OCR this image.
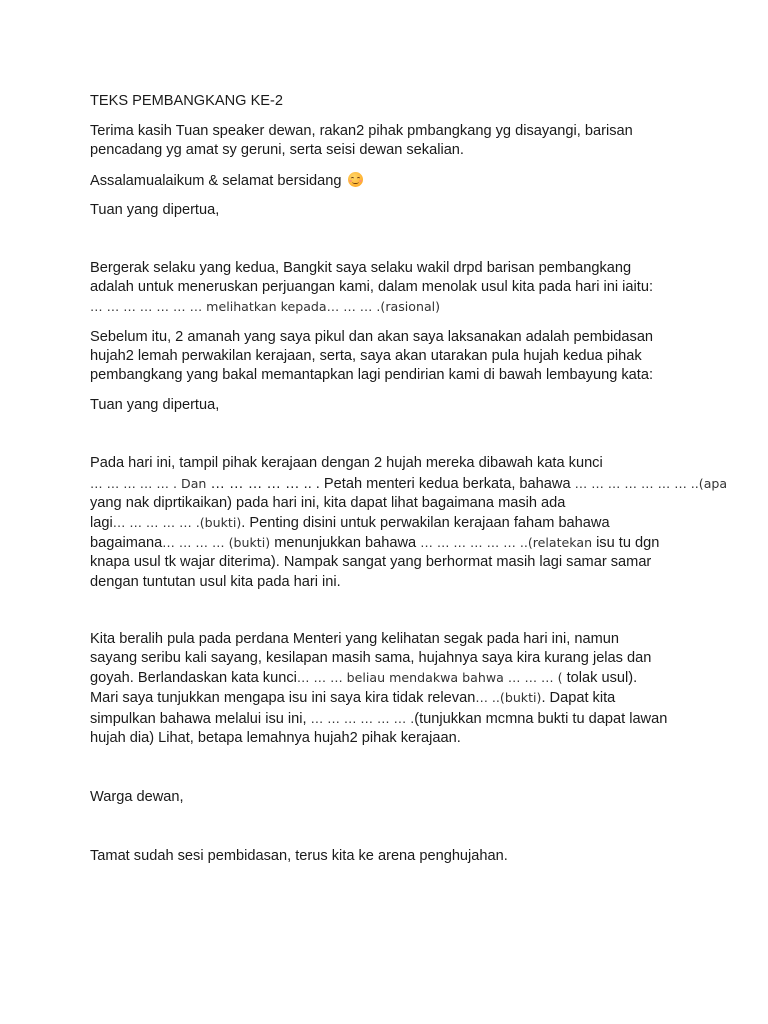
TEKS PEMBANGKANG KE-2

Terima kasih Tuan speaker dewan, rakan2 pihak pmbangkang yg disayangi, barisan
pencadang yg amat sy geruni, serta seisi dewan sekalian.

Assalamualaikum & selamat bersidang

Tuan yang dipertua,

Bergerak selaku yang kedua, Bangkit saya selaku wakil drpd barisan pembangkang
adalah untuk meneruskan perjuangan kami, dalam menolak usul kita pada hari ini iaitu:
… … … … … … … melihatkan kepada… … … .(rasional)

Sebelum itu, 2 amanah yang saya pikul dan akan saya laksanakan adalah pembidasan
hujah2 lemah perwakilan kerajaan, serta, saya akan utarakan pula hujah kedua pihak
pembangkang yang bakal memantapkan lagi pendirian kami di bawah lembayung kata:

Tuan yang dipertua,

Pada hari ini, tampil pihak kerajaan dengan 2 hujah mereka dibawah kata kunci
… … … … … . Dan … … … … … .. . Petah menteri kedua berkata, bahawa … … … … … … … ..(apa
yang nak diprtikaikan) pada hari ini, kita dapat lihat bagaimana masih ada
lagi… … … … … .(bukti). Penting disini untuk perwakilan kerajaan faham bahawa
bagaimana… … … … (bukti) menunjukkan bahawa … … … … … … ..(relatekan isu tu dgn
knapa usul tk wajar diterima). Nampak sangat yang berhormat masih lagi samar samar
dengan tuntutan usul kita pada hari ini.

Kita beralih pula pada perdana Menteri yang kelihatan segak pada hari ini, namun
sayang seribu kali sayang, kesilapan masih sama, hujahnya saya kira kurang jelas dan
goyah. Berlandaskan kata kunci… … … beliau mendakwa bahwa … … … ( tolak usul).
Mari saya tunjukkan mengapa isu ini saya kira tidak relevan… ..(bukti). Dapat kita
simpulkan bahawa melalui isu ini, … … … … … … .(tunjukkan mcmna bukti tu dapat lawan
hujah dia) Lihat, betapa lemahnya hujah2 pihak kerajaan.

Warga dewan,

Tamat sudah sesi pembidasan, terus kita ke arena penghujahan.
